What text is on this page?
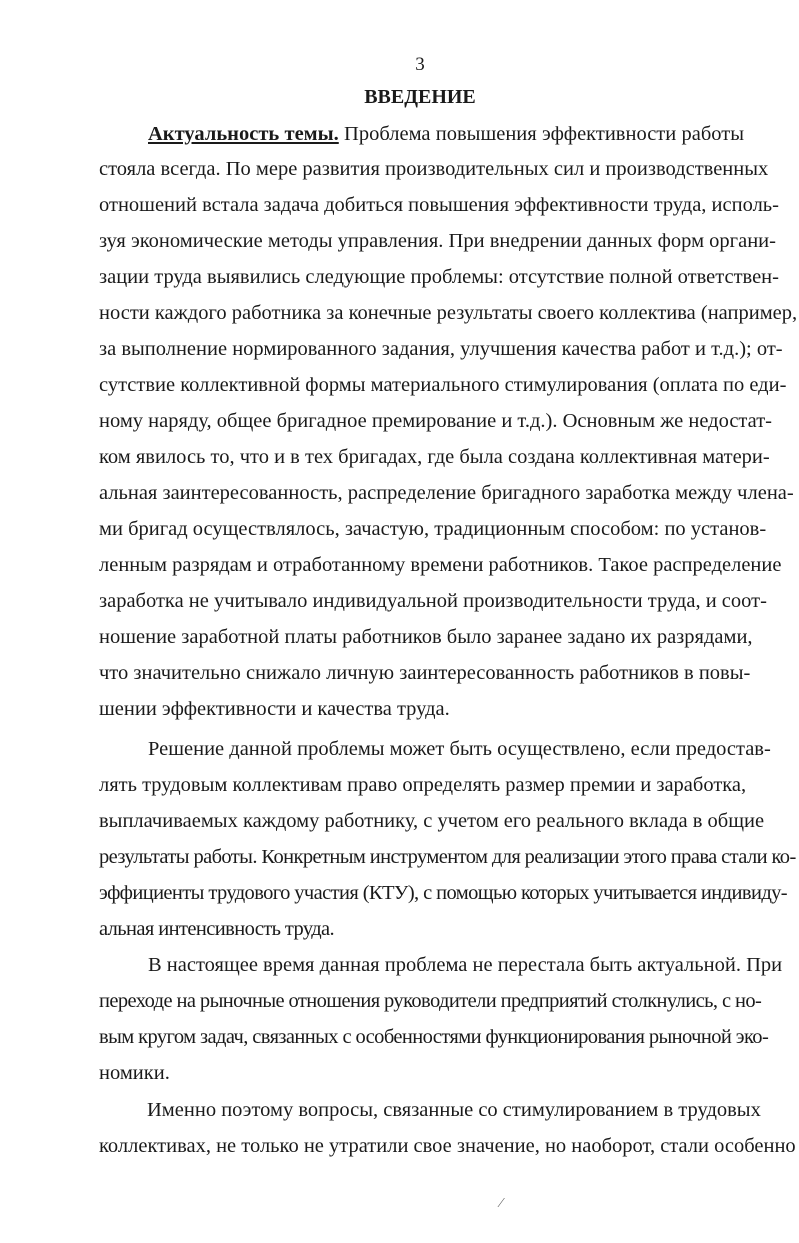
3
ВВЕДЕНИЕ
Актуальность темы. Проблема повышения эффективности работы
стояла всегда. По мере развития производительных сил и производственных
отношений встала задача добиться повышения эффективности труда, исполь-
зуя экономические методы управления. При внедрении данных форм органи-
зации труда выявились следующие проблемы: отсутствие полной ответствен-
ности каждого работника за конечные результаты своего коллектива (например,
за выполнение нормированного задания, улучшения качества работ и т.д.); от-
сутствие коллективной формы материального стимулирования (оплата по еди-
ному наряду, общее бригадное премирование и т.д.). Основным же недостат-
ком явилось то, что и в тех бригадах, где была создана коллективная матери-
альная заинтересованность, распределение бригадного заработка между члена-
ми бригад осуществлялось, зачастую, традиционным способом: по установ-
ленным разрядам и отработанному времени работников. Такое распределение
заработка не учитывало индивидуальной производительности труда, и соот-
ношение заработной платы работников было заранее задано их разрядами,
что значительно снижало личную заинтересованность работников в повы-
шении эффективности и качества труда.
Решение данной проблемы может быть осуществлено, если предостав-
лять трудовым коллективам право определять размер премии и заработка,
выплачиваемых каждому работнику, с учетом его реального вклада в общие
результаты работы. Конкретным инструментом для реализации этого права стали ко-
эффициенты трудового участия (КТУ), с помощью которых учитывается индивиду-
альная интенсивность труда.
В настоящее время данная проблема не перестала быть актуальной. При
переходе на рыночные отношения руководители предприятий столкнулись, с но-
вым кругом задач, связанных с особенностями функционирования рыночной эко-
номики.
Именно поэтому вопросы, связанные со стимулированием в трудовых
коллективах, не только не утратили свое значение, но наоборот, стали особенно
⁄
